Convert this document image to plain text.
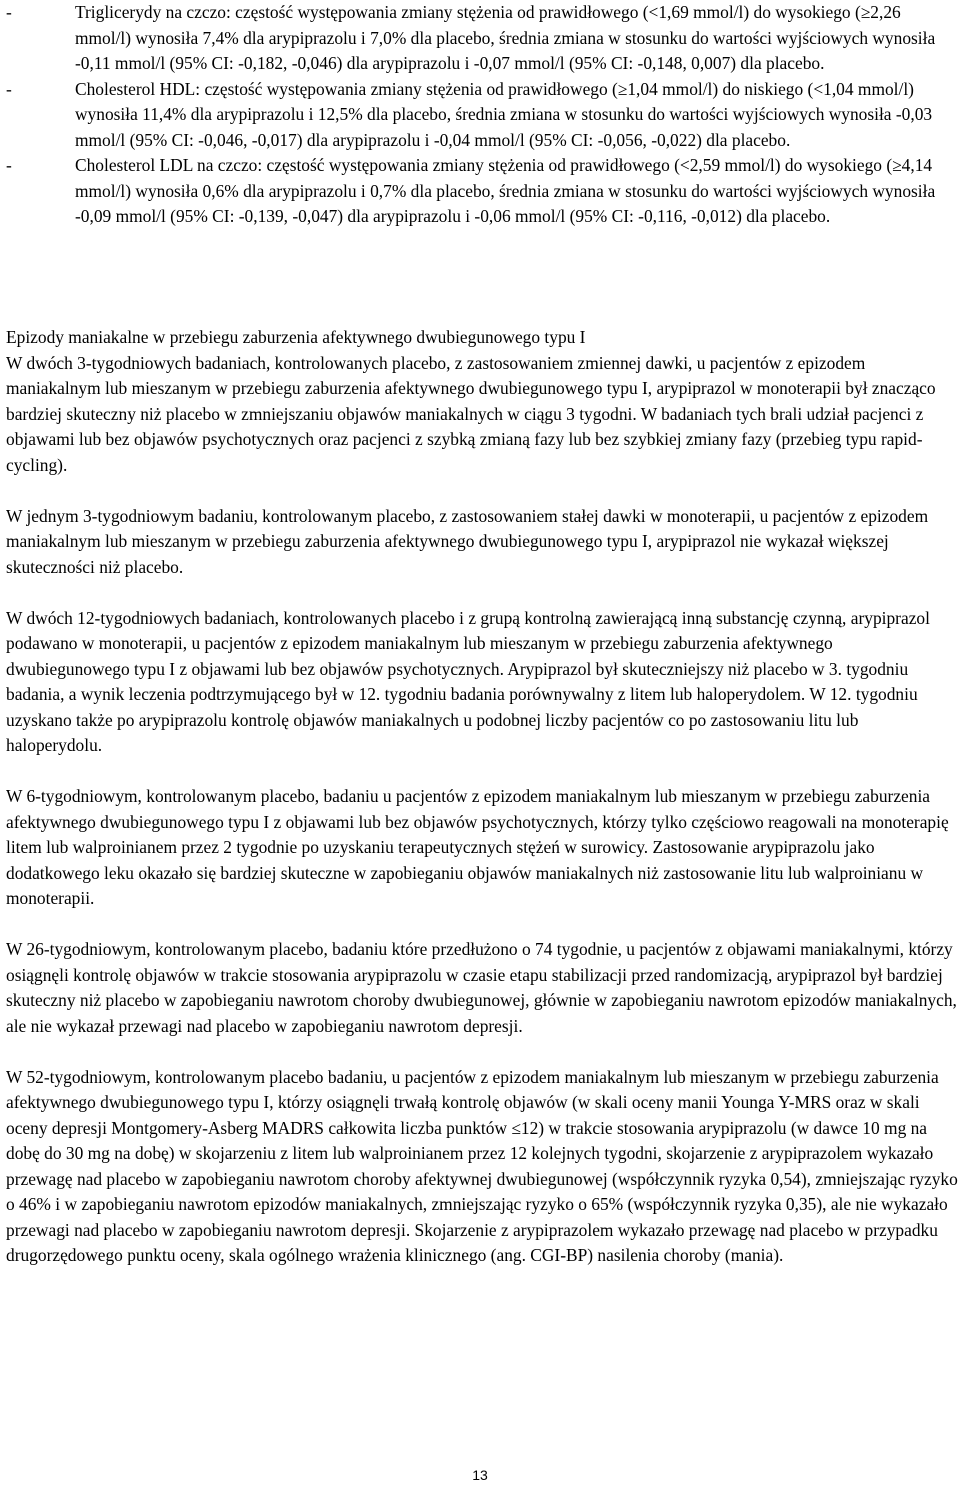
-	Triglicerydy na czczo: częstość występowania zmiany stężenia od prawidłowego (<1,69 mmol/l) do wysokiego (≥2,26 mmol/l) wynosiła 7,4% dla arypiprazolu i 7,0% dla placebo, średnia zmiana w stosunku do wartości wyjściowych wynosiła -0,11 mmol/l (95% CI: -0,182, -0,046) dla arypiprazolu i -0,07 mmol/l (95% CI: -0,148, 0,007) dla placebo.
-	Cholesterol HDL: częstość występowania zmiany stężenia od prawidłowego (≥1,04 mmol/l) do niskiego (<1,04 mmol/l) wynosiła 11,4% dla arypiprazolu i 12,5% dla placebo, średnia zmiana w stosunku do wartości wyjściowych wynosiła -0,03 mmol/l (95% CI: -0,046, -0,017) dla arypiprazolu i -0,04 mmol/l (95% CI: -0,056, -0,022) dla placebo.
-	Cholesterol LDL na czczo: częstość występowania zmiany stężenia od prawidłowego (<2,59 mmol/l) do wysokiego (≥4,14 mmol/l) wynosiła 0,6% dla arypiprazolu i 0,7% dla placebo, średnia zmiana w stosunku do wartości wyjściowych wynosiła -0,09 mmol/l (95% CI: -0,139, -0,047) dla arypiprazolu i -0,06 mmol/l (95% CI: -0,116, -0,012) dla placebo.
Epizody maniakalne w przebiegu zaburzenia afektywnego dwubiegunowego typu I

W dwóch 3-tygodniowych badaniach, kontrolowanych placebo, z zastosowaniem zmiennej dawki, u pacjentów z epizodem maniakalnym lub mieszanym w przebiegu zaburzenia afektywnego dwubiegunowego typu I, arypiprazol w monoterapii był znacząco bardziej skuteczny niż placebo w zmniejszaniu objawów maniakalnych w ciągu 3 tygodni. W badaniach tych brali udział pacjenci z objawami lub bez objawów psychotycznych oraz pacjenci z szybką zmianą fazy lub bez szybkiej zmiany fazy (przebieg typu rapid-cycling).

W jednym 3-tygodniowym badaniu, kontrolowanym placebo, z zastosowaniem stałej dawki w monoterapii, u pacjentów z epizodem maniakalnym lub mieszanym w przebiegu zaburzenia afektywnego dwubiegunowego typu I, arypiprazol nie wykazał większej skuteczności niż placebo.

W dwóch 12-tygodniowych badaniach, kontrolowanych placebo i z grupą kontrolną zawierającą inną substancję czynną, arypiprazol podawano w monoterapii, u pacjentów z epizodem maniakalnym lub mieszanym w przebiegu zaburzenia afektywnego dwubiegunowego typu I z objawami lub bez objawów psychotycznych. Arypiprazol był skuteczniejszy niż placebo w 3. tygodniu badania, a wynik leczenia podtrzymującego był w 12. tygodniu badania porównywalny z litem lub haloperydolem. W 12. tygodniu uzyskano także po arypiprazolu kontrolę objawów maniakalnych u podobnej liczby pacjentów co po zastosowaniu litu lub haloperydolu.

W 6-tygodniowym, kontrolowanym placebo, badaniu u pacjentów z epizodem maniakalnym lub mieszanym w przebiegu zaburzenia afektywnego dwubiegunowego typu I z objawami lub bez objawów psychotycznych, którzy tylko częściowo reagowali na monoterapię litem lub walproinianem przez 2 tygodnie po uzyskaniu terapeutycznych stężeń w surowicy. Zastosowanie arypiprazolu jako dodatkowego leku okazało się bardziej skuteczne w zapobieganiu objawów maniakalnych niż zastosowanie litu lub walproinianu w monoterapii.

W 26-tygodniowym, kontrolowanym placebo, badaniu które przedłużono o 74 tygodnie, u pacjentów z objawami maniakalnymi, którzy osiągnęli kontrolę objawów w trakcie stosowania arypiprazolu w czasie etapu stabilizacji przed randomizacją, arypiprazol był bardziej skuteczny niż placebo w zapobieganiu nawrotom choroby dwubiegunowej, głównie w zapobieganiu nawrotom epizodów maniakalnych, ale nie wykazał przewagi nad placebo w zapobieganiu nawrotom depresji.

W 52-tygodniowym, kontrolowanym placebo badaniu, u pacjentów z epizodem maniakalnym lub mieszanym w przebiegu zaburzenia afektywnego dwubiegunowego typu I, którzy osiągnęli trwałą kontrolę objawów (w skali oceny manii Younga Y-MRS oraz w skali oceny depresji Montgomery-Asberg MADRS całkowita liczba punktów ≤12) w trakcie stosowania arypiprazolu (w dawce 10 mg na dobę do 30 mg na dobę) w skojarzeniu z litem lub walproinianem przez 12 kolejnych tygodni, skojarzenie z arypiprazolem wykazało przewagę nad placebo w zapobieganiu nawrotom choroby afektywnej dwubiegunowej (współczynnik ryzyka 0,54), zmniejszając ryzyko o 46% i w zapobieganiu nawrotom epizodów maniakalnych, zmniejszając ryzyko o 65% (współczynnik ryzyka 0,35), ale nie wykazało przewagi nad placebo w zapobieganiu nawrotom depresji. Skojarzenie z arypiprazolem wykazało przewagę nad placebo w przypadku drugorzędowego punktu oceny, skala ogólnego wrażenia klinicznego (ang. CGI-BP) nasilenia choroby (mania).

13
